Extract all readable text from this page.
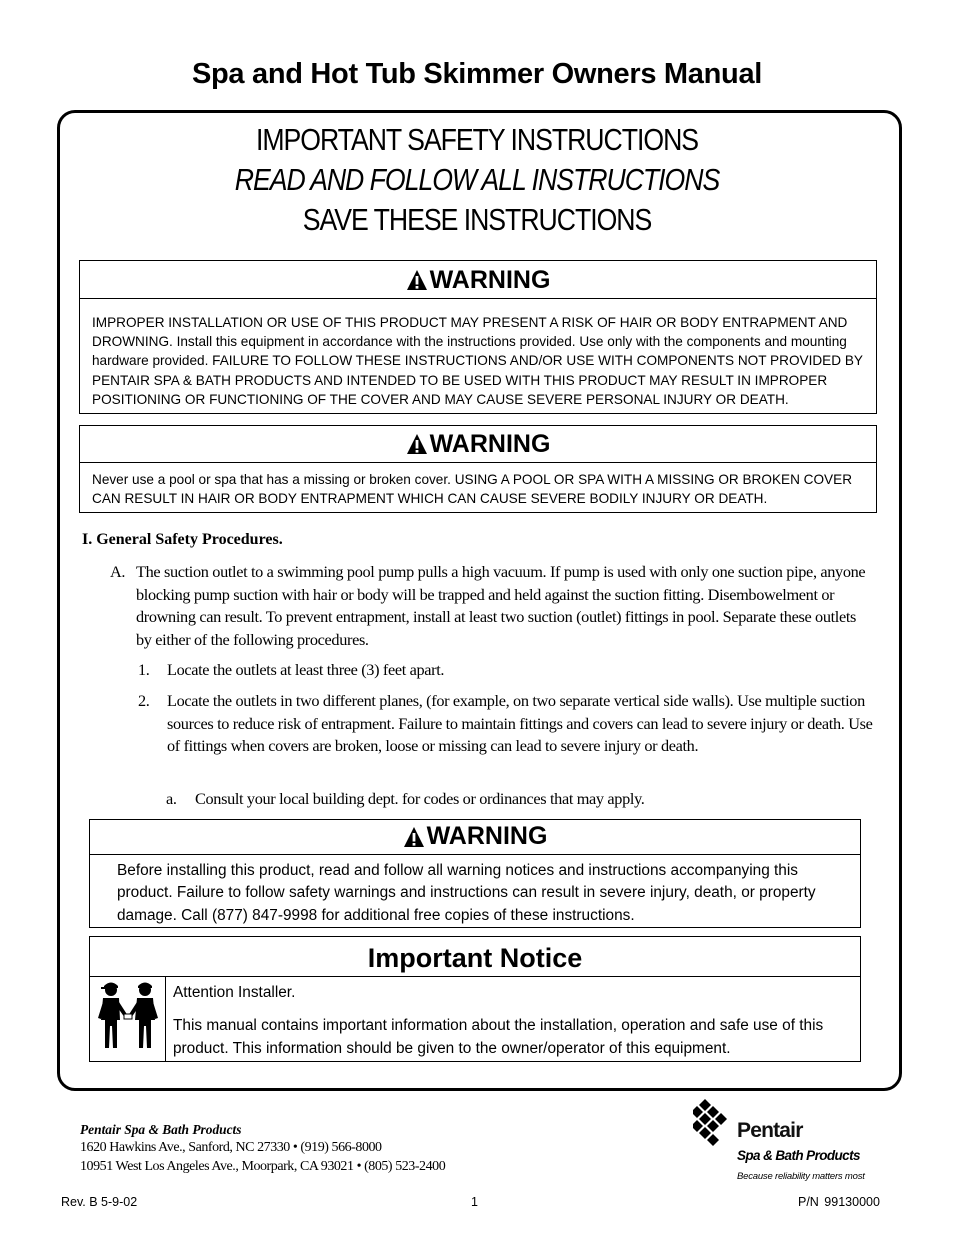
Spa and Hot Tub Skimmer Owners Manual
IMPORTANT SAFETY INSTRUCTIONS
READ AND FOLLOW ALL INSTRUCTIONS
SAVE THESE INSTRUCTIONS
WARNING
IMPROPER INSTALLATION OR USE OF THIS PRODUCT MAY PRESENT A RISK OF HAIR OR BODY ENTRAPMENT AND DROWNING. Install this equipment in accordance with the instructions provided. Use only with the components and mounting hardware provided. FAILURE TO FOLLOW THESE INSTRUCTIONS AND/OR USE WITH COMPONENTS NOT PROVIDED BY PENTAIR SPA & BATH PRODUCTS AND INTENDED TO BE USED WITH THIS PRODUCT MAY RESULT IN IMPROPER POSITIONING OR FUNCTIONING OF THE COVER AND MAY CAUSE SEVERE PERSONAL INJURY OR DEATH.
WARNING
Never use a pool or spa that has a missing or broken cover. USING A POOL OR SPA WITH A MISSING OR BROKEN COVER CAN RESULT IN HAIR OR BODY ENTRAPMENT WHICH CAN CAUSE SEVERE BODILY INJURY OR DEATH.
I. General Safety Procedures.
A. The suction outlet to a swimming pool pump pulls a high vacuum. If pump is used with only one suction pipe, anyone blocking pump suction with hair or body will be trapped and held against the suction fitting. Disembowelment or drowning can result. To prevent entrapment, install at least two suction (outlet) fittings in pool. Separate these outlets by either of the following procedures.
1. Locate the outlets at least three (3) feet apart.
2. Locate the outlets in two different planes, (for example, on two separate vertical side walls). Use multiple suction sources to reduce risk of entrapment. Failure to maintain fittings and covers can lead to severe injury or death. Use of fittings when covers are broken, loose or missing can lead to severe injury or death.
a. Consult your local building dept. for codes or ordinances that may apply.
WARNING
Before installing this product, read and follow all warning notices and instructions accompanying this product. Failure to follow safety warnings and instructions can result in severe injury, death, or property damage. Call (877) 847-9998 for additional free copies of these instructions.
Important Notice

Attention Installer.

This manual contains important information about the installation, operation and safe use of this product. This information should be given to the owner/operator of this equipment.

Pentair Spa & Bath Products
1620 Hawkins Ave., Sanford, NC 27330 • (919) 566-8000
10951 West Los Angeles Ave., Moorpark, CA 93021 • (805) 523-2400
Pentair
Spa & Bath Products
Because reliability matters most
Rev. B 5-9-02	1	P/N 99130000
